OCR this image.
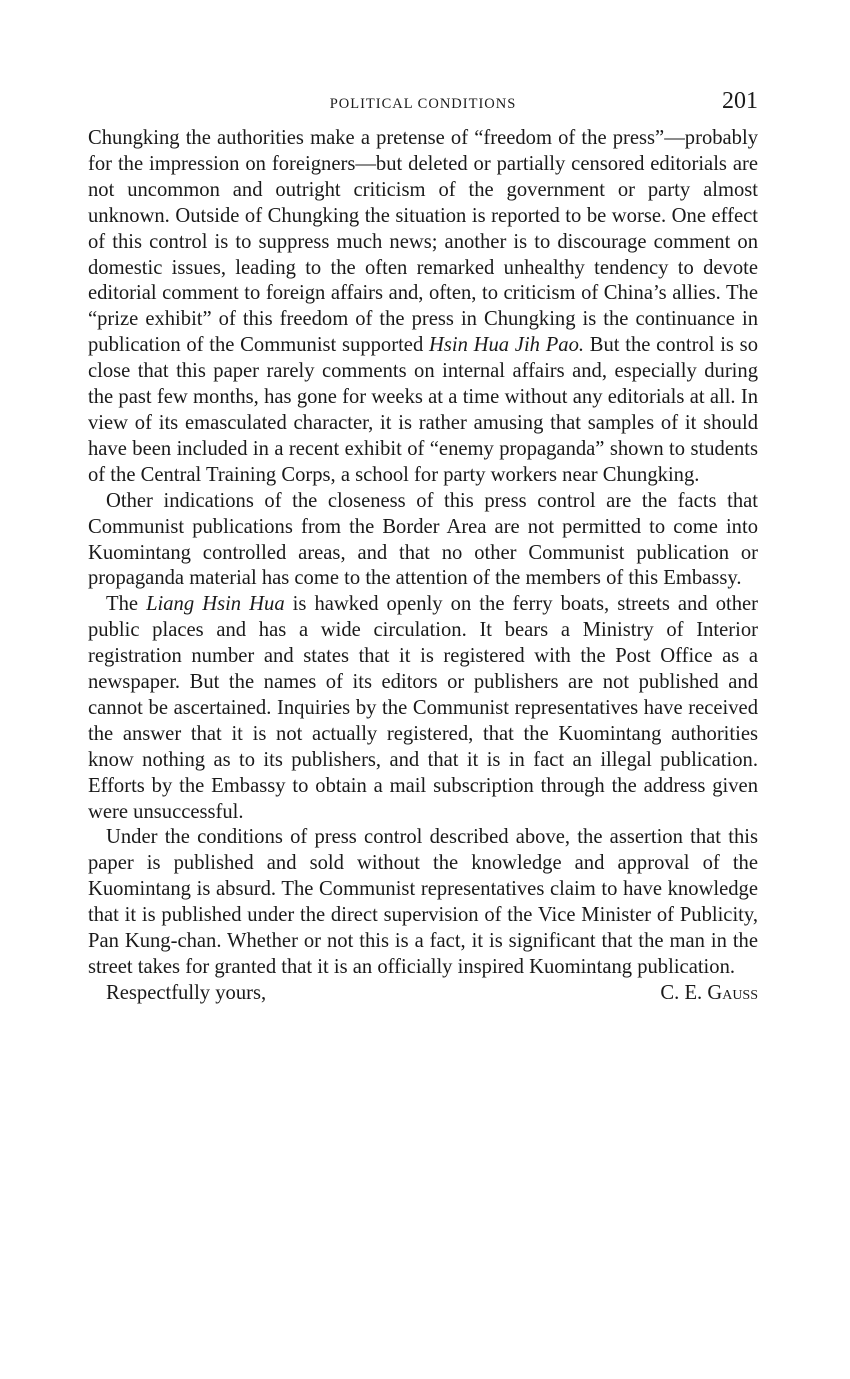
POLITICAL CONDITIONS	201

Chungking the authorities make a pretense of “freedom of the press”—probably for the impression on foreigners—but deleted or partially censored editorials are not uncommon and outright criticism of the government or party almost unknown. Outside of Chungking the situation is reported to be worse. One effect of this control is to suppress much news; another is to discourage comment on domestic issues, leading to the often remarked unhealthy tendency to devote editorial comment to foreign affairs and, often, to criticism of China’s allies. The “prize exhibit” of this freedom of the press in Chungking is the continuance in publication of the Communist supported Hsin Hua Jih Pao. But the control is so close that this paper rarely comments on internal affairs and, especially during the past few months, has gone for weeks at a time without any editorials at all. In view of its emasculated character, it is rather amusing that samples of it should have been included in a recent exhibit of “enemy propaganda” shown to students of the Central Training Corps, a school for party workers near Chungking.

Other indications of the closeness of this press control are the facts that Communist publications from the Border Area are not permitted to come into Kuomintang controlled areas, and that no other Communist publication or propaganda material has come to the attention of the members of this Embassy.

The Liang Hsin Hua is hawked openly on the ferry boats, streets and other public places and has a wide circulation. It bears a Ministry of Interior registration number and states that it is registered with the Post Office as a newspaper. But the names of its editors or publishers are not published and cannot be ascertained. Inquiries by the Communist representatives have received the answer that it is not actually registered, that the Kuomintang authorities know nothing as to its publishers, and that it is in fact an illegal publication. Efforts by the Embassy to obtain a mail subscription through the address given were unsuccessful.

Under the conditions of press control described above, the assertion that this paper is published and sold without the knowledge and approval of the Kuomintang is absurd. The Communist representatives claim to have knowledge that it is published under the direct supervision of the Vice Minister of Publicity, Pan Kung-chan. Whether or not this is a fact, it is significant that the man in the street takes for granted that it is an officially inspired Kuomintang publication.

Respectfully yours,	C. E. Gauss
